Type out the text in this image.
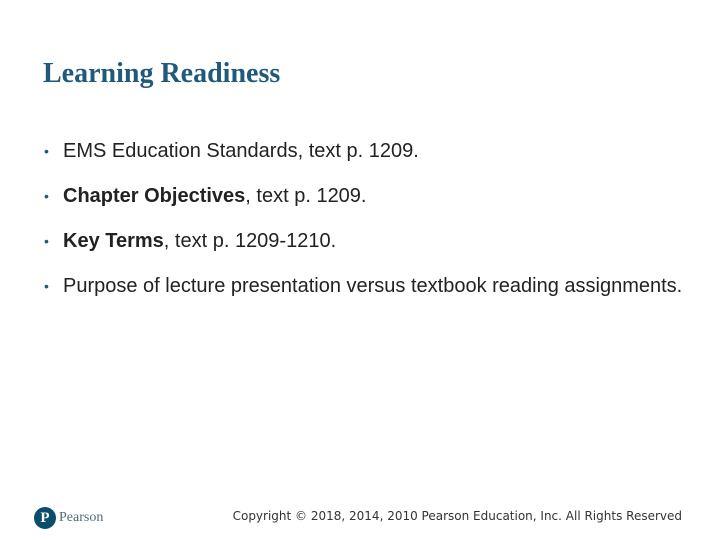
Learning Readiness
• EMS Education Standards, text p. 1209.
• Chapter Objectives, text p. 1209.
• Key Terms, text p. 1209-1210.
• Purpose of lecture presentation versus textbook reading assignments.
P Pearson	Copyright © 2018, 2014, 2010 Pearson Education, Inc. All Rights Reserved
